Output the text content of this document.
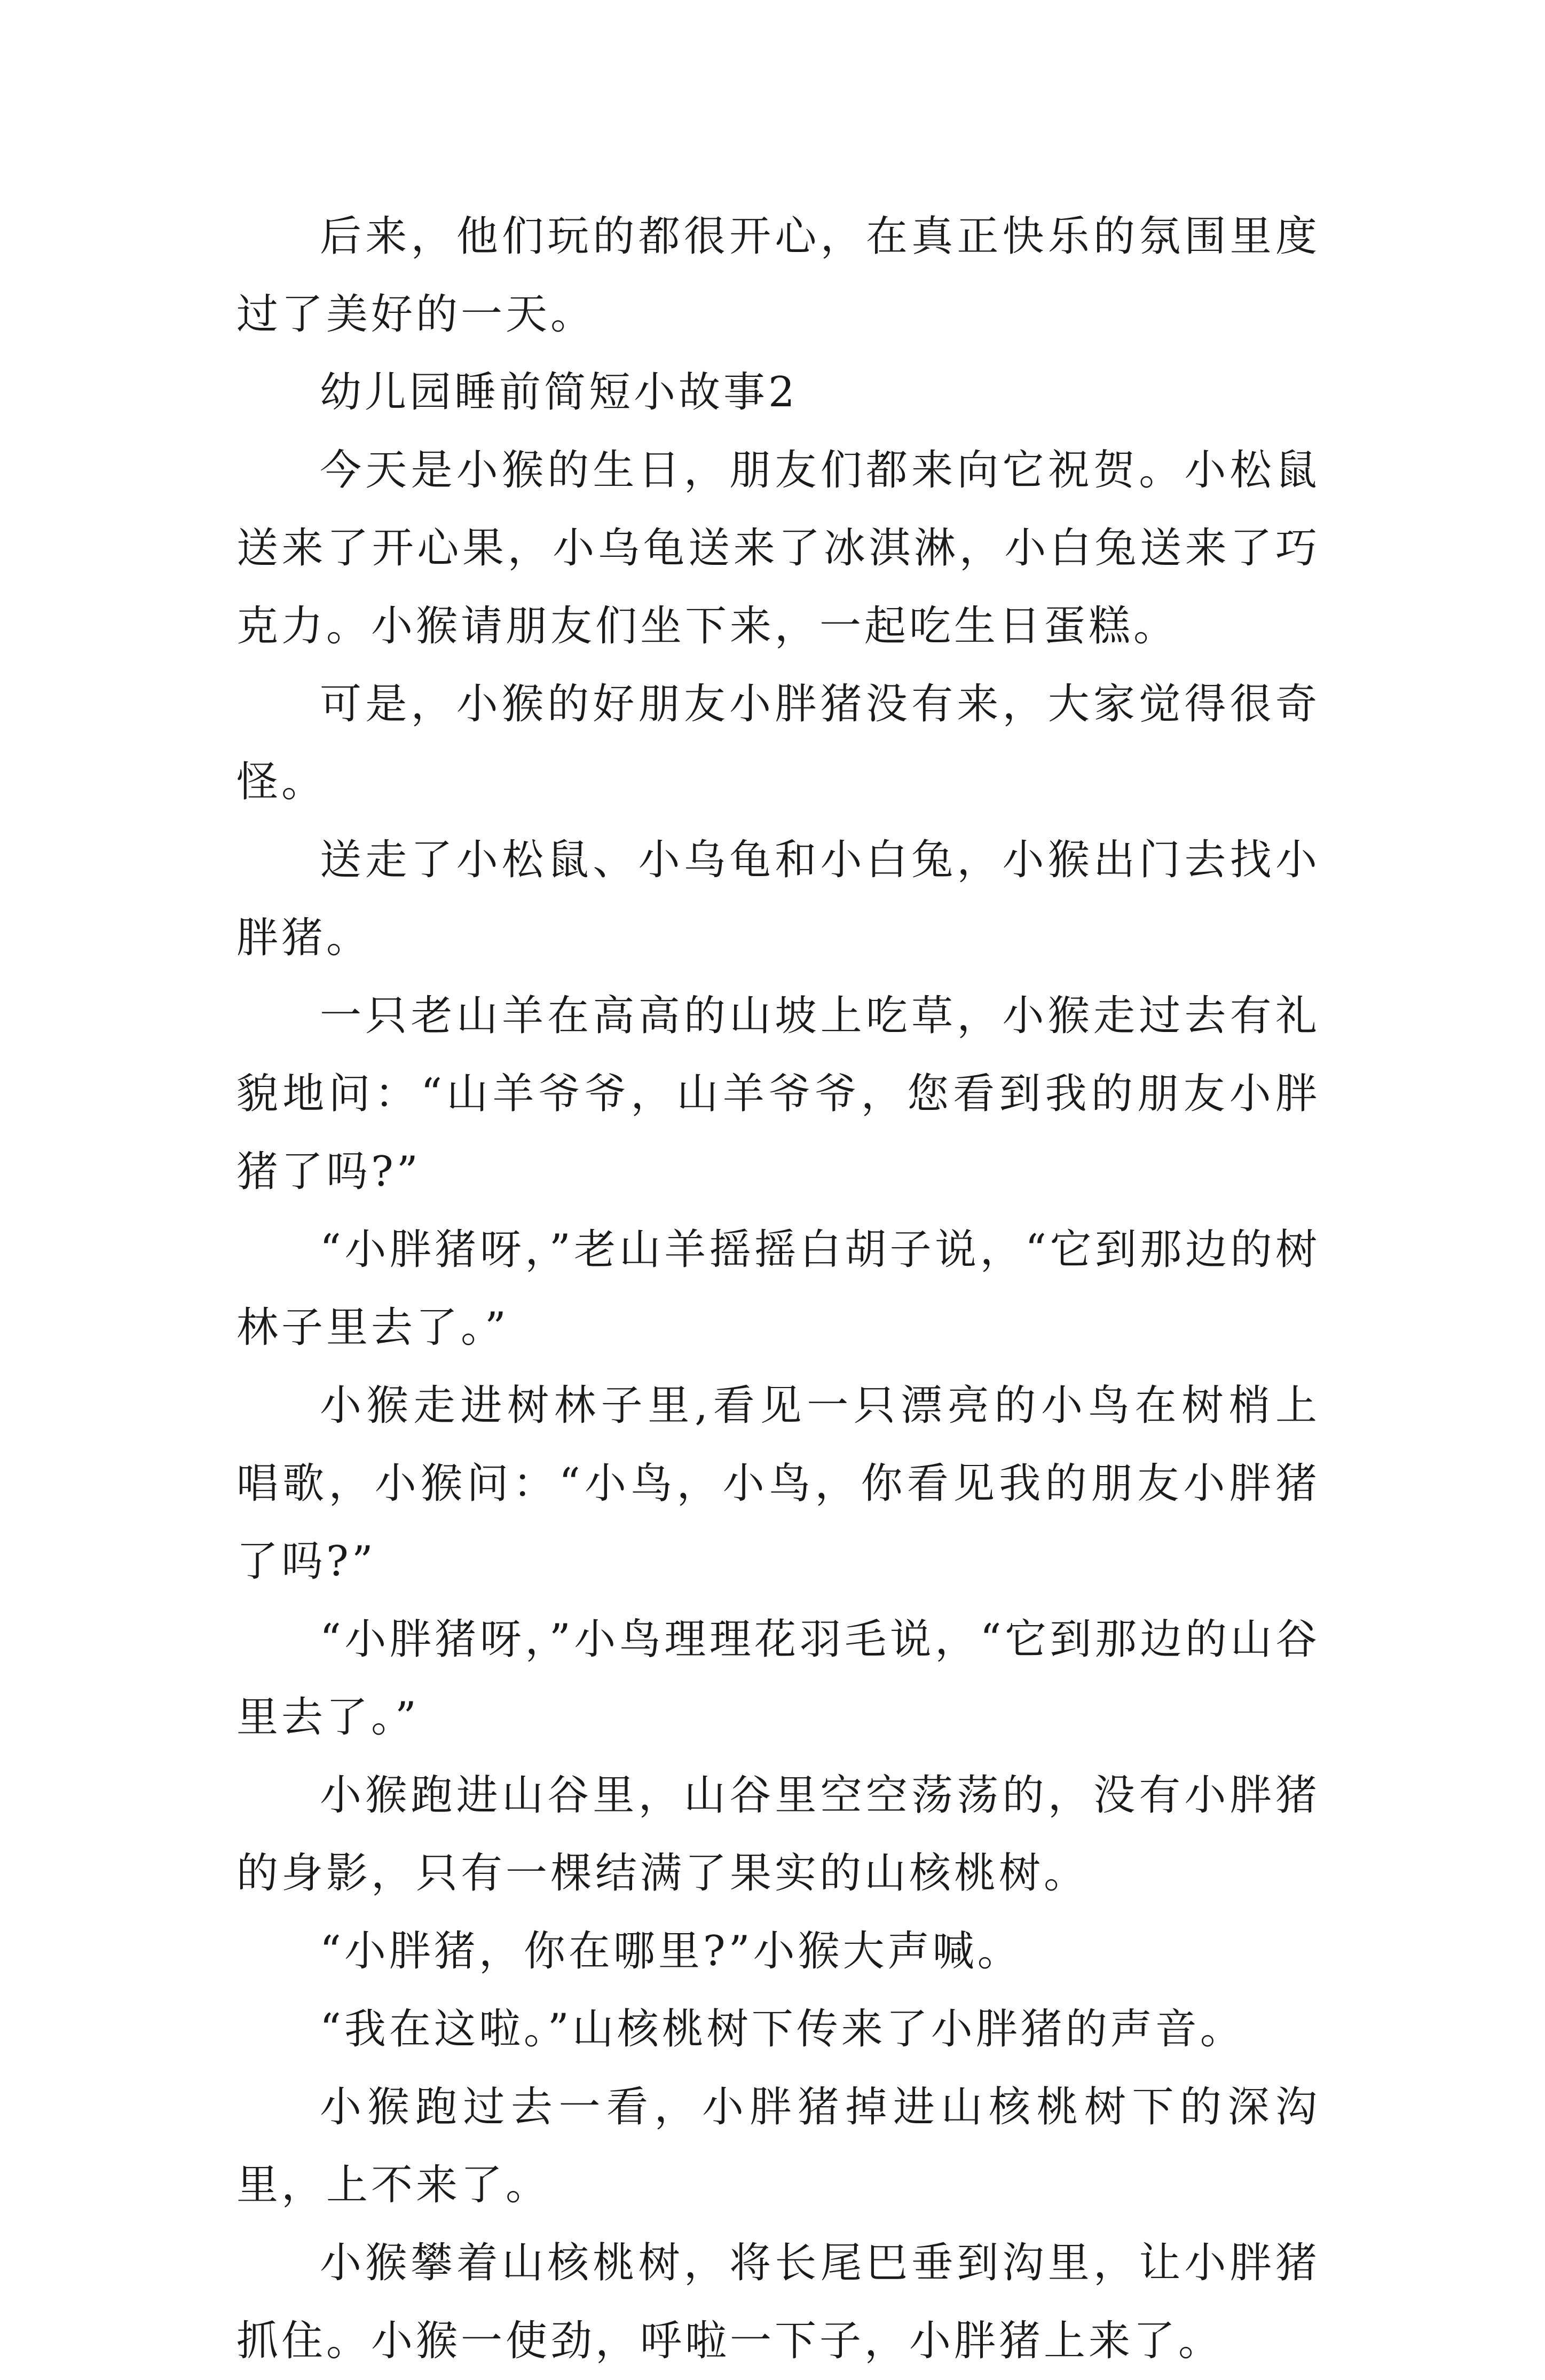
后来，他们玩的都很开心，在真正快乐的氛围里度过了美好的一天。

幼儿园睡前简短小故事2

今天是小猴的生日，朋友们都来向它祝贺。小松鼠送来了开心果，小乌龟送来了冰淇淋，小白兔送来了巧克力。小猴请朋友们坐下来，一起吃生日蛋糕。

可是，小猴的好朋友小胖猪没有来，大家觉得很奇怪。

送走了小松鼠、小乌龟和小白兔，小猴出门去找小胖猪。

一只老山羊在高高的山坡上吃草，小猴走过去有礼貌地问：“山羊爷爷，山羊爷爷，您看到我的朋友小胖猪了吗?”

“小胖猪呀，”老山羊摇摇白胡子说，“它到那边的树林子里去了。”

小猴走进树林子里,看见一只漂亮的小鸟在树梢上唱歌，小猴问：“小鸟，小鸟，你看见我的朋友小胖猪了吗?”

“小胖猪呀，”小鸟理理花羽毛说，“它到那边的山谷里去了。”

小猴跑进山谷里，山谷里空空荡荡的，没有小胖猪的身影，只有一棵结满了果实的山核桃树。

“小胖猪，你在哪里?”小猴大声喊。

“我在这啦。”山核桃树下传来了小胖猪的声音。

小猴跑过去一看，小胖猪掉进山核桃树下的深沟里，上不来了。

小猴攀着山核桃树，将长尾巴垂到沟里，让小胖猪抓住。小猴一使劲，呼啦一下子，小胖猪上来了。
